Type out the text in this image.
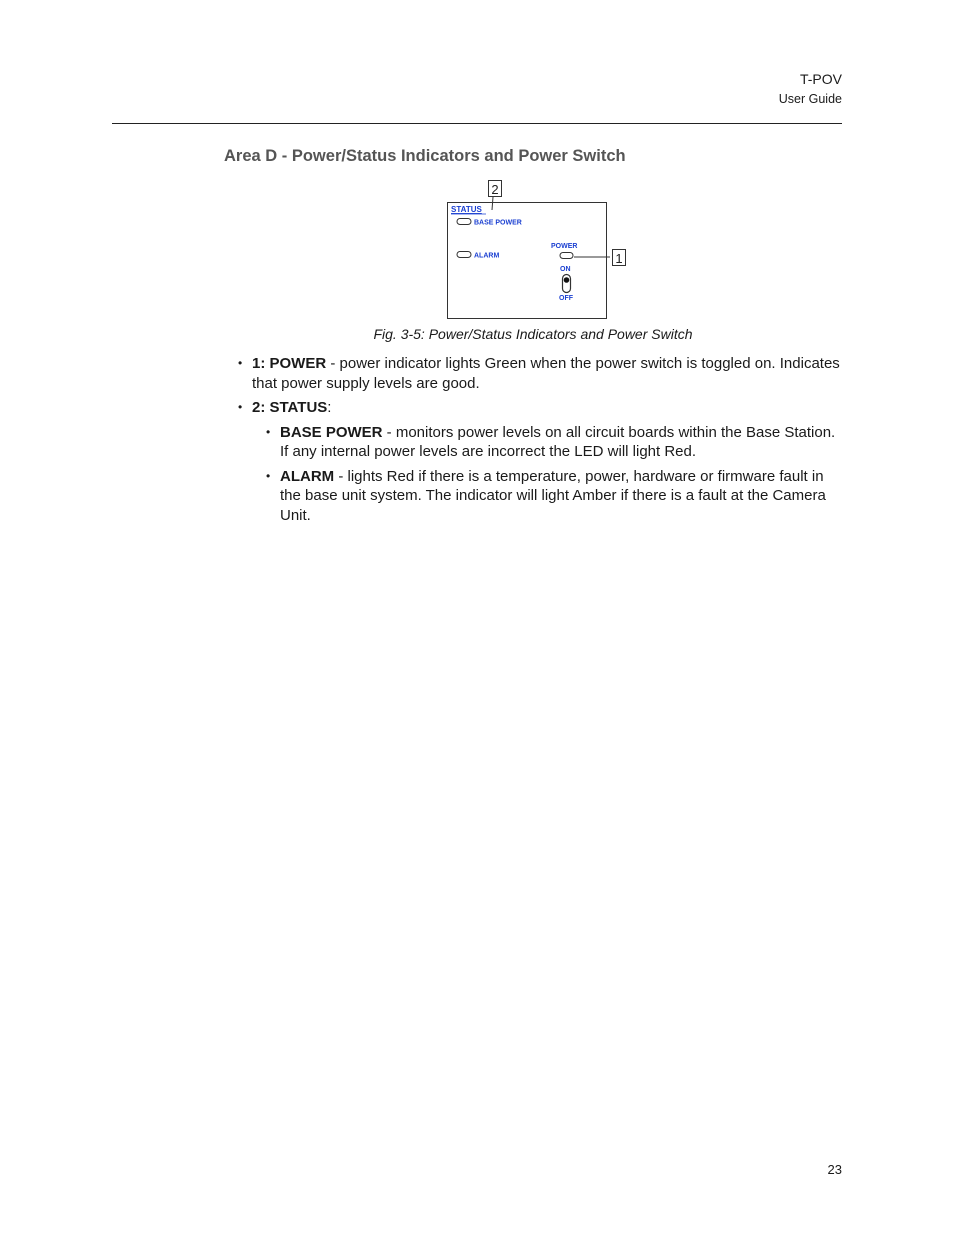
T-POV
User Guide
Area D - Power/Status Indicators and Power Switch
2
STATUS
BASE POWER
ALARM
POWER
1
ON
OFF
Fig. 3-5: Power/Status Indicators and Power Switch
• 1: POWER - power indicator lights Green when the power switch is toggled on. Indicates that power supply levels are good.
• 2: STATUS:
• BASE POWER - monitors power levels on all circuit boards within the Base Station. If any internal power levels are incorrect the LED will light Red.
• ALARM - lights Red if there is a temperature, power, hardware or firmware fault in the base unit system. The indicator will light Amber if there is a fault at the Camera Unit.
23
